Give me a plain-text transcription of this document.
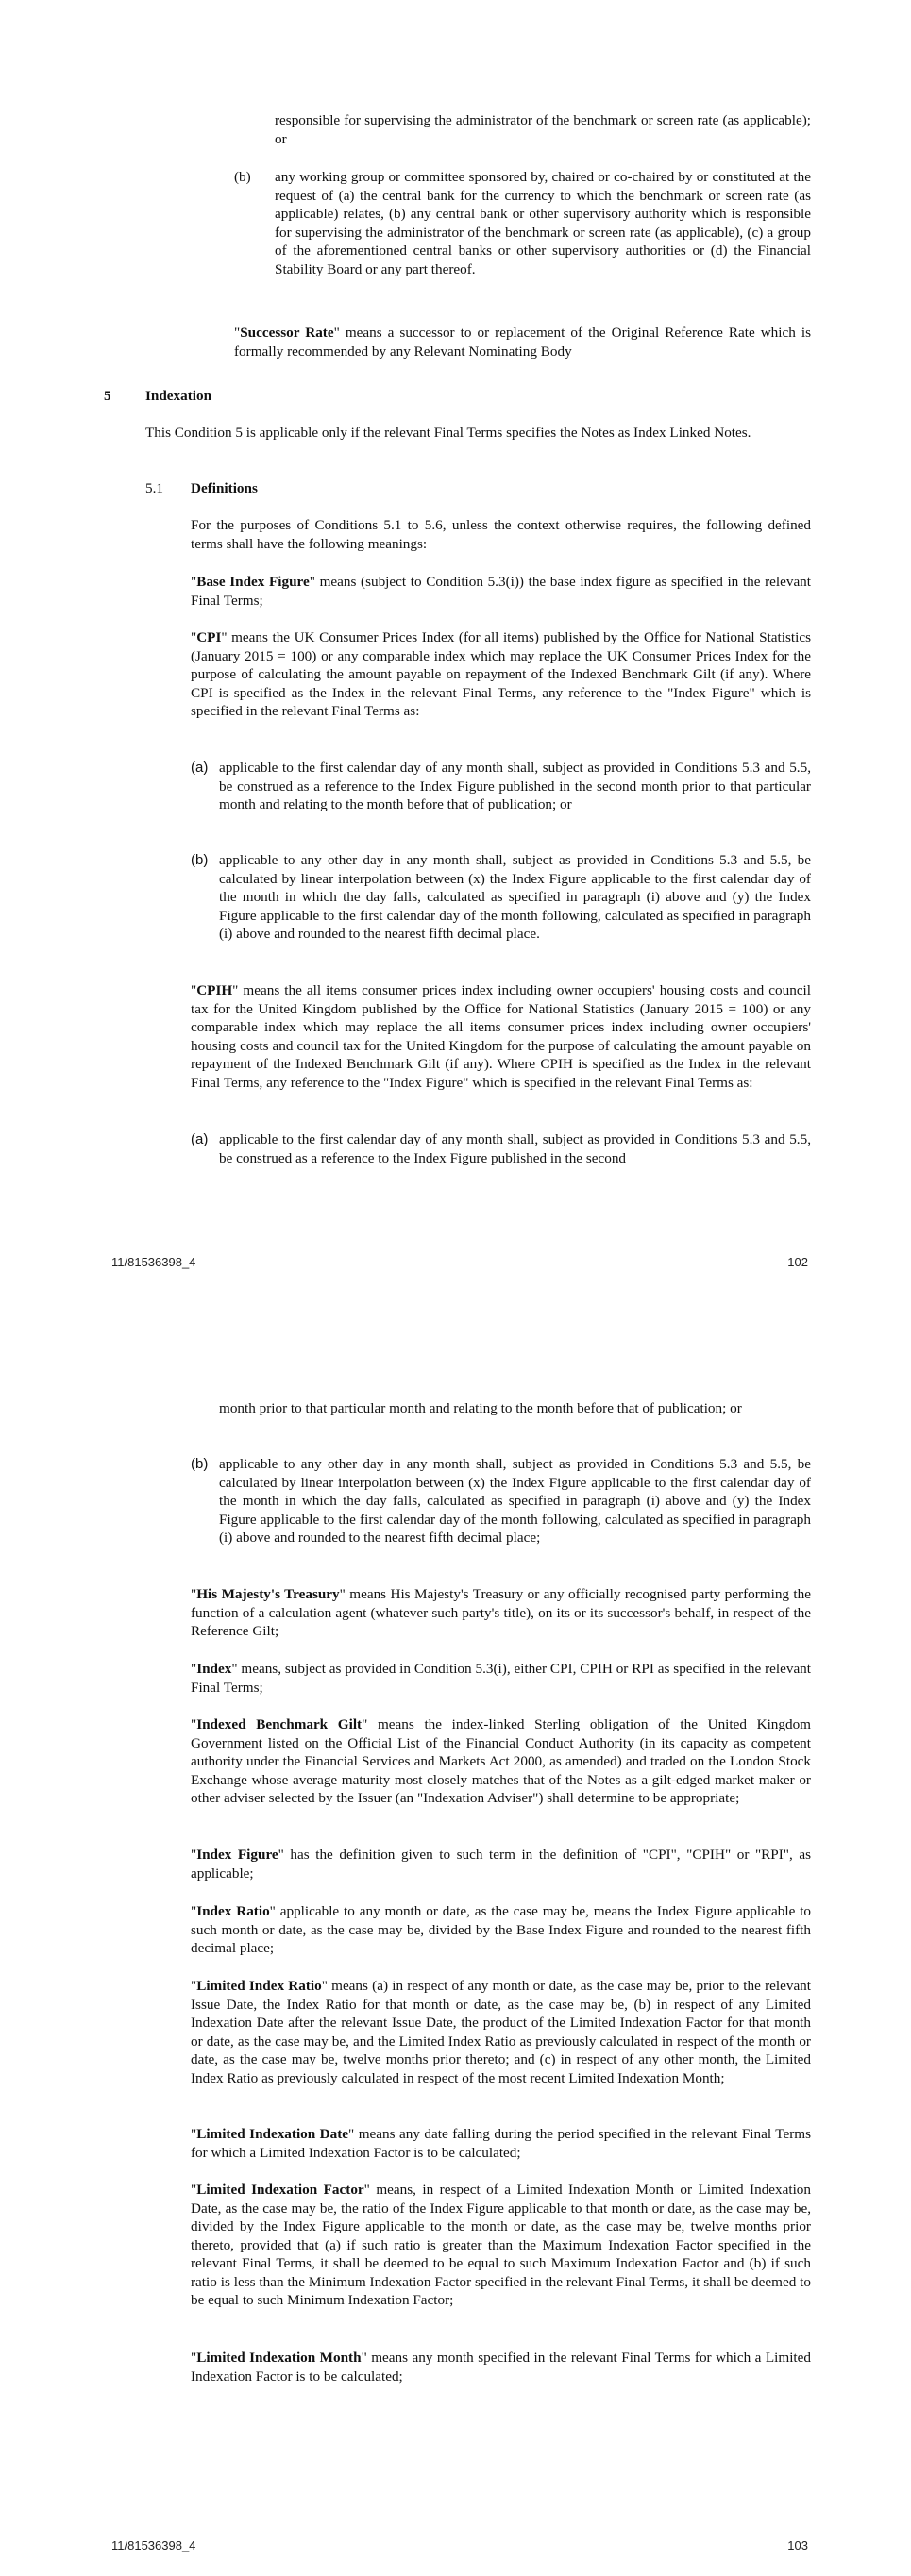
responsible for supervising the administrator of the benchmark or screen rate (as applicable); or
(b) any working group or committee sponsored by, chaired or co-chaired by or constituted at the request of (a) the central bank for the currency to which the benchmark or screen rate (as applicable) relates, (b) any central bank or other supervisory authority which is responsible for supervising the administrator of the benchmark or screen rate (as applicable), (c) a group of the aforementioned central banks or other supervisory authorities or (d) the Financial Stability Board or any part thereof.
"Successor Rate" means a successor to or replacement of the Original Reference Rate which is formally recommended by any Relevant Nominating Body
5 Indexation
This Condition 5 is applicable only if the relevant Final Terms specifies the Notes as Index Linked Notes.
5.1 Definitions
For the purposes of Conditions 5.1 to 5.6, unless the context otherwise requires, the following defined terms shall have the following meanings:
"Base Index Figure" means (subject to Condition 5.3(i)) the base index figure as specified in the relevant Final Terms;
"CPI" means the UK Consumer Prices Index (for all items) published by the Office for National Statistics (January 2015 = 100) or any comparable index which may replace the UK Consumer Prices Index for the purpose of calculating the amount payable on repayment of the Indexed Benchmark Gilt (if any). Where CPI is specified as the Index in the relevant Final Terms, any reference to the "Index Figure" which is specified in the relevant Final Terms as:
(a) applicable to the first calendar day of any month shall, subject as provided in Conditions 5.3 and 5.5, be construed as a reference to the Index Figure published in the second month prior to that particular month and relating to the month before that of publication; or
(b) applicable to any other day in any month shall, subject as provided in Conditions 5.3 and 5.5, be calculated by linear interpolation between (x) the Index Figure applicable to the first calendar day of the month in which the day falls, calculated as specified in paragraph (i) above and (y) the Index Figure applicable to the first calendar day of the month following, calculated as specified in paragraph (i) above and rounded to the nearest fifth decimal place.
"CPIH" means the all items consumer prices index including owner occupiers' housing costs and council tax for the United Kingdom published by the Office for National Statistics (January 2015 = 100) or any comparable index which may replace the all items consumer prices index including owner occupiers' housing costs and council tax for the United Kingdom for the purpose of calculating the amount payable on repayment of the Indexed Benchmark Gilt (if any). Where CPIH is specified as the Index in the relevant Final Terms, any reference to the "Index Figure" which is specified in the relevant Final Terms as:
(a) applicable to the first calendar day of any month shall, subject as provided in Conditions 5.3 and 5.5, be construed as a reference to the Index Figure published in the second
11/81536398_4	102
month prior to that particular month and relating to the month before that of publication; or
(b) applicable to any other day in any month shall, subject as provided in Conditions 5.3 and 5.5, be calculated by linear interpolation between (x) the Index Figure applicable to the first calendar day of the month in which the day falls, calculated as specified in paragraph (i) above and (y) the Index Figure applicable to the first calendar day of the month following, calculated as specified in paragraph (i) above and rounded to the nearest fifth decimal place;
"His Majesty's Treasury" means His Majesty's Treasury or any officially recognised party performing the function of a calculation agent (whatever such party's title), on its or its successor's behalf, in respect of the Reference Gilt;
"Index" means, subject as provided in Condition 5.3(i), either CPI, CPIH or RPI as specified in the relevant Final Terms;
"Indexed Benchmark Gilt" means the index-linked Sterling obligation of the United Kingdom Government listed on the Official List of the Financial Conduct Authority (in its capacity as competent authority under the Financial Services and Markets Act 2000, as amended) and traded on the London Stock Exchange whose average maturity most closely matches that of the Notes as a gilt-edged market maker or other adviser selected by the Issuer (an "Indexation Adviser") shall determine to be appropriate;
"Index Figure" has the definition given to such term in the definition of "CPI", "CPIH" or "RPI", as applicable;
"Index Ratio" applicable to any month or date, as the case may be, means the Index Figure applicable to such month or date, as the case may be, divided by the Base Index Figure and rounded to the nearest fifth decimal place;
"Limited Index Ratio" means (a) in respect of any month or date, as the case may be, prior to the relevant Issue Date, the Index Ratio for that month or date, as the case may be, (b) in respect of any Limited Indexation Date after the relevant Issue Date, the product of the Limited Indexation Factor for that month or date, as the case may be, and the Limited Index Ratio as previously calculated in respect of the month or date, as the case may be, twelve months prior thereto; and (c) in respect of any other month, the Limited Index Ratio as previously calculated in respect of the most recent Limited Indexation Month;
"Limited Indexation Date" means any date falling during the period specified in the relevant Final Terms for which a Limited Indexation Factor is to be calculated;
"Limited Indexation Factor" means, in respect of a Limited Indexation Month or Limited Indexation Date, as the case may be, the ratio of the Index Figure applicable to that month or date, as the case may be, divided by the Index Figure applicable to the month or date, as the case may be, twelve months prior thereto, provided that (a) if such ratio is greater than the Maximum Indexation Factor specified in the relevant Final Terms, it shall be deemed to be equal to such Maximum Indexation Factor and (b) if such ratio is less than the Minimum Indexation Factor specified in the relevant Final Terms, it shall be deemed to be equal to such Minimum Indexation Factor;
"Limited Indexation Month" means any month specified in the relevant Final Terms for which a Limited Indexation Factor is to be calculated;
11/81536398_4	103
